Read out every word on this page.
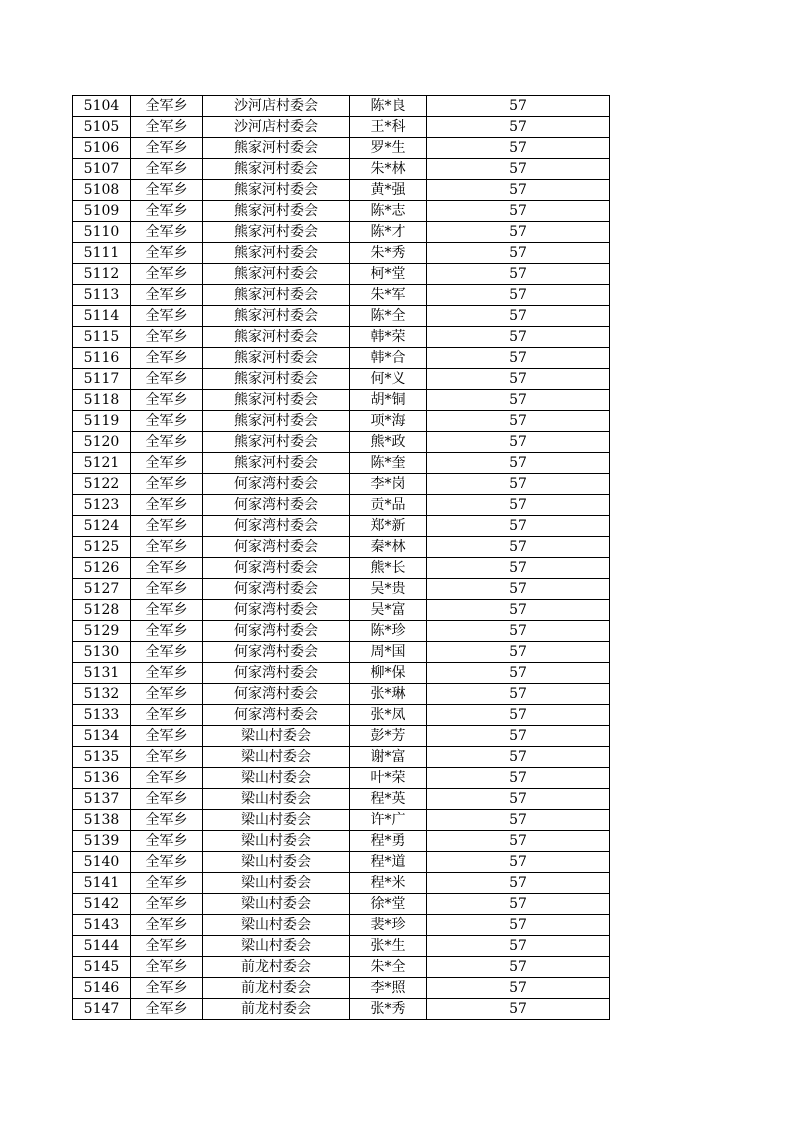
5104	全军乡	沙河店村委会	陈*良	57
5105	全军乡	沙河店村委会	王*科	57
5106	全军乡	熊家河村委会	罗*生	57
5107	全军乡	熊家河村委会	朱*林	57
5108	全军乡	熊家河村委会	黄*强	57
5109	全军乡	熊家河村委会	陈*志	57
5110	全军乡	熊家河村委会	陈*才	57
5111	全军乡	熊家河村委会	朱*秀	57
5112	全军乡	熊家河村委会	柯*堂	57
5113	全军乡	熊家河村委会	朱*军	57
5114	全军乡	熊家河村委会	陈*全	57
5115	全军乡	熊家河村委会	韩*荣	57
5116	全军乡	熊家河村委会	韩*合	57
5117	全军乡	熊家河村委会	何*义	57
5118	全军乡	熊家河村委会	胡*铜	57
5119	全军乡	熊家河村委会	项*海	57
5120	全军乡	熊家河村委会	熊*政	57
5121	全军乡	熊家河村委会	陈*奎	57
5122	全军乡	何家湾村委会	李*岗	57
5123	全军乡	何家湾村委会	贡*品	57
5124	全军乡	何家湾村委会	郑*新	57
5125	全军乡	何家湾村委会	秦*林	57
5126	全军乡	何家湾村委会	熊*长	57
5127	全军乡	何家湾村委会	吴*贵	57
5128	全军乡	何家湾村委会	吴*富	57
5129	全军乡	何家湾村委会	陈*珍	57
5130	全军乡	何家湾村委会	周*国	57
5131	全军乡	何家湾村委会	柳*保	57
5132	全军乡	何家湾村委会	张*琳	57
5133	全军乡	何家湾村委会	张*凤	57
5134	全军乡	梁山村委会	彭*芳	57
5135	全军乡	梁山村委会	谢*富	57
5136	全军乡	梁山村委会	叶*荣	57
5137	全军乡	梁山村委会	程*英	57
5138	全军乡	梁山村委会	许*广	57
5139	全军乡	梁山村委会	程*勇	57
5140	全军乡	梁山村委会	程*道	57
5141	全军乡	梁山村委会	程*米	57
5142	全军乡	梁山村委会	徐*堂	57
5143	全军乡	梁山村委会	裴*珍	57
5144	全军乡	梁山村委会	张*生	57
5145	全军乡	前龙村委会	朱*全	57
5146	全军乡	前龙村委会	李*照	57
5147	全军乡	前龙村委会	张*秀	57
